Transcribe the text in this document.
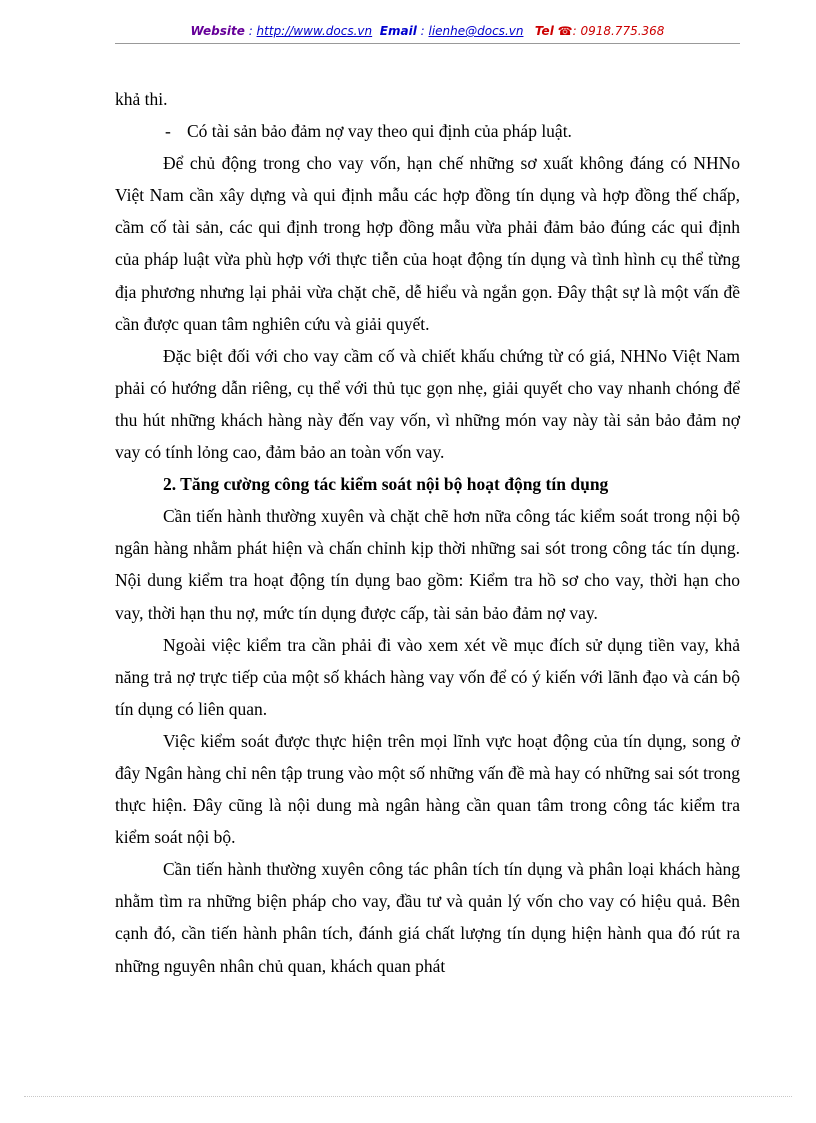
Website : http://www.docs.vn Email : lienhe@docs.vn Tel ☎: 0918.775.368

khả thi.

- Có tài sản bảo đảm nợ vay theo qui định của pháp luật.

Để chủ động trong cho vay vốn, hạn chế những sơ xuất không đáng có NHNo Việt Nam cần xây dựng và qui định mẫu các hợp đồng tín dụng và hợp đồng thế chấp, cầm cố tài sản, các qui định trong hợp đồng mẫu vừa phải đảm bảo đúng các qui định của pháp luật vừa phù hợp với thực tiễn của hoạt động tín dụng và tình hình cụ thể từng địa phương nhưng lại phải vừa chặt chẽ, dễ hiểu và ngắn gọn. Đây thật sự là một vấn đề cần được quan tâm nghiên cứu và giải quyết.

Đặc biệt đối với cho vay cầm cố và chiết khấu chứng từ có giá, NHNo Việt Nam phải có hướng dẫn riêng, cụ thể với thủ tục gọn nhẹ, giải quyết cho vay nhanh chóng để thu hút những khách hàng này đến vay vốn, vì những món vay này tài sản bảo đảm nợ vay có tính lỏng cao, đảm bảo an toàn vốn vay.

2. Tăng cường công tác kiểm soát nội bộ hoạt động tín dụng

Cần tiến hành thường xuyên và chặt chẽ hơn nữa công tác kiểm soát trong nội bộ ngân hàng nhằm phát hiện và chấn chỉnh kịp thời những sai sót trong công tác tín dụng. Nội dung kiểm tra hoạt động tín dụng bao gồm: Kiểm tra hồ sơ cho vay, thời hạn cho vay, thời hạn thu nợ, mức tín dụng được cấp, tài sản bảo đảm nợ vay.

Ngoài việc kiểm tra cần phải đi vào xem xét về mục đích sử dụng tiền vay, khả năng trả nợ trực tiếp của một số khách hàng vay vốn để có ý kiến với lãnh đạo và cán bộ tín dụng có liên quan.

Việc kiểm soát được thực hiện trên mọi lĩnh vực hoạt động của tín dụng, song ở đây Ngân hàng chỉ nên tập trung vào một số những vấn đề mà hay có những sai sót trong thực hiện. Đây cũng là nội dung mà ngân hàng cần quan tâm trong công tác kiểm tra kiểm soát nội bộ.

Cần tiến hành thường xuyên công tác phân tích tín dụng và phân loại khách hàng nhằm tìm ra những biện pháp cho vay, đầu tư và quản lý vốn cho vay có hiệu quả. Bên cạnh đó, cần tiến hành phân tích, đánh giá chất lượng tín dụng hiện hành qua đó rút ra những nguyên nhân chủ quan, khách quan phát
